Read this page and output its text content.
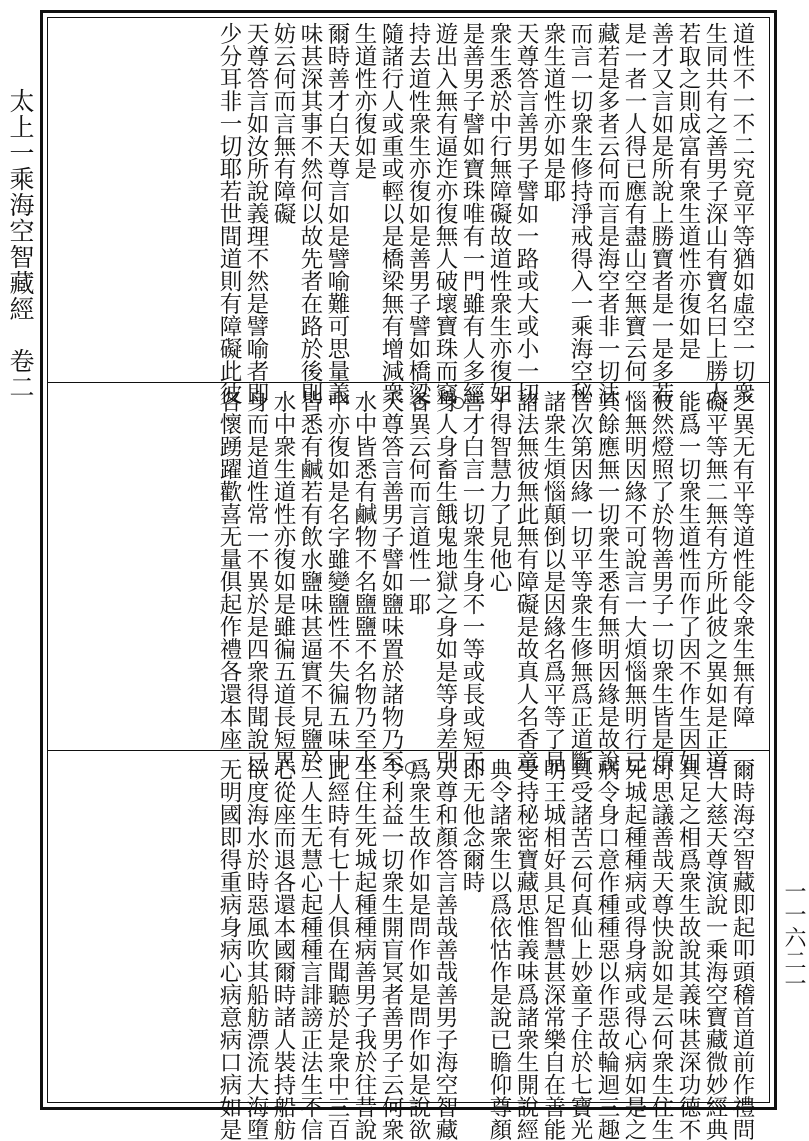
太上一乘海空智藏經　卷二
一一六二一
道性不一不二究竟平等猶如虛空一切衆
生同共有之善男子深山有寶名曰上勝人
若取之則成富有衆生道性亦復如是
善才又言如是所說上勝寶者是一是多若
是一者一人得已應有盡山空無寶云何
藏若是多者云何而言是海空者非一切法
而言一切衆生修持淨戒得入一乘海空秘
衆生道性亦如是耶
天尊答言善男子譬如一路或大或小一切
衆生悉於中行無障礙故道性衆生亦復如
是善男子譬如寶珠唯有一門雖有人多經
遊出入無有逼迮亦復無人破壞寶珠而竊
持去道性衆生亦復如是善男子譬如橋梁
隨諸行人或重或輕以是橋梁無有增減衆
生道性亦復如是
爾時善才白天尊言如是譬喻難可思量義
味甚深其事不然何以故先者在路於後則
妨云何而言無有障礙
天尊答言如汝所說義理不然是譬喻者即
少分耳非一切耶若世間道則有障礙此彼
之異无有平等道性能令衆生無有障
礙平等無二無有方所此彼之異如是正道
能爲一切衆生道性而作了因不作生因如
彼然燈照了於物善男子一切衆生皆是煩
惱無明因緣不可說言一大煩惱無明行已
其餘應無一切衆生悉有無明因緣是故說
言次第因緣一切平等衆生修無爲正道斷
諸衆生煩惱顛倒以是因緣名爲平等了見
諸法無彼無此無有障礙是故真人名香童
子得智慧力了見他心
善才白言一切衆生身不一等或長或短天
身人身畜生餓鬼地獄之身如是等身差別
各異云何而言道性一耶
天尊答言善男子譬如鹽味置於諸物乃至
水中皆悉有鹹物不名鹽鹽不名物乃至水
中亦復如是名字雖變鹽性不失徧五味中
皆悉有鹹若有飲水鹽味甚逼實不見鹽於
水中衆生道性亦復如是雖徧五道長短異
身而是道性常一不異於是四衆得聞說已
各懷踴躍歡喜无量俱起作禮各還本座
爾時海空智藏即起叩頭稽首道前作禮問
言大慈天尊演說一乘海空寶藏微妙經典
具足之相爲衆生故說其義味甚深功德不
可思議善哉天尊快說如是云何衆生住生
死城起種種病或得身病或得心病如是之
病令身口意作種種惡以作惡故輪迴三趣
具受諸苦云何真仙上妙童子住於七寶光
明王城相好具足智慧甚深常樂自在善能
受持秘密寶藏思惟義味爲諸衆生開說經
典令諸衆生以爲依怙作是說已瞻仰尊顏
即无他念爾時
天尊和顏答言善哉善哉善男子海空智藏
爲衆生故作如是問作如是問作如是說欲
令利益一切衆生開盲冥者善男子云何衆
生住生死城起種種病善男子我於往昔說
此經時有七十人俱在聞聽於是衆中三百
三人生无慧心起種種言誹謗正法生不信
心從座而退各還本國爾時諸人裝持船舫
欲度海水於時惡風吹其船舫漂流大海墮
无明國即得重病身病心病意病口病如是
